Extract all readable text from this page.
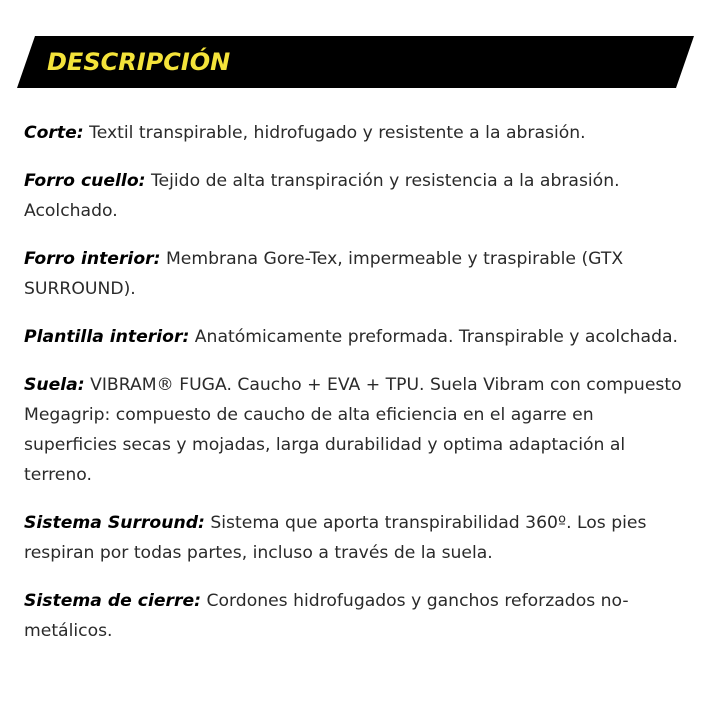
DESCRIPCIÓN

Corte: Textil transpirable, hidrofugado y resistente a la abrasión.

Forro cuello: Tejido de alta transpiración y resistencia a la abrasión. Acolchado.

Forro interior: Membrana Gore-Tex, impermeable y traspirable (GTX SURROUND).

Plantilla interior: Anatómicamente preformada. Transpirable y acolchada.

Suela: VIBRAM® FUGA. Caucho + EVA + TPU. Suela Vibram con compuesto Megagrip: compuesto de caucho de alta eficiencia en el agarre en superficies secas y mojadas, larga durabilidad y optima adaptación al terreno.

Sistema Surround: Sistema que aporta transpirabilidad 360º. Los pies respiran por todas partes, incluso a través de la suela.

Sistema de cierre: Cordones hidrofugados y ganchos reforzados no-metálicos.
